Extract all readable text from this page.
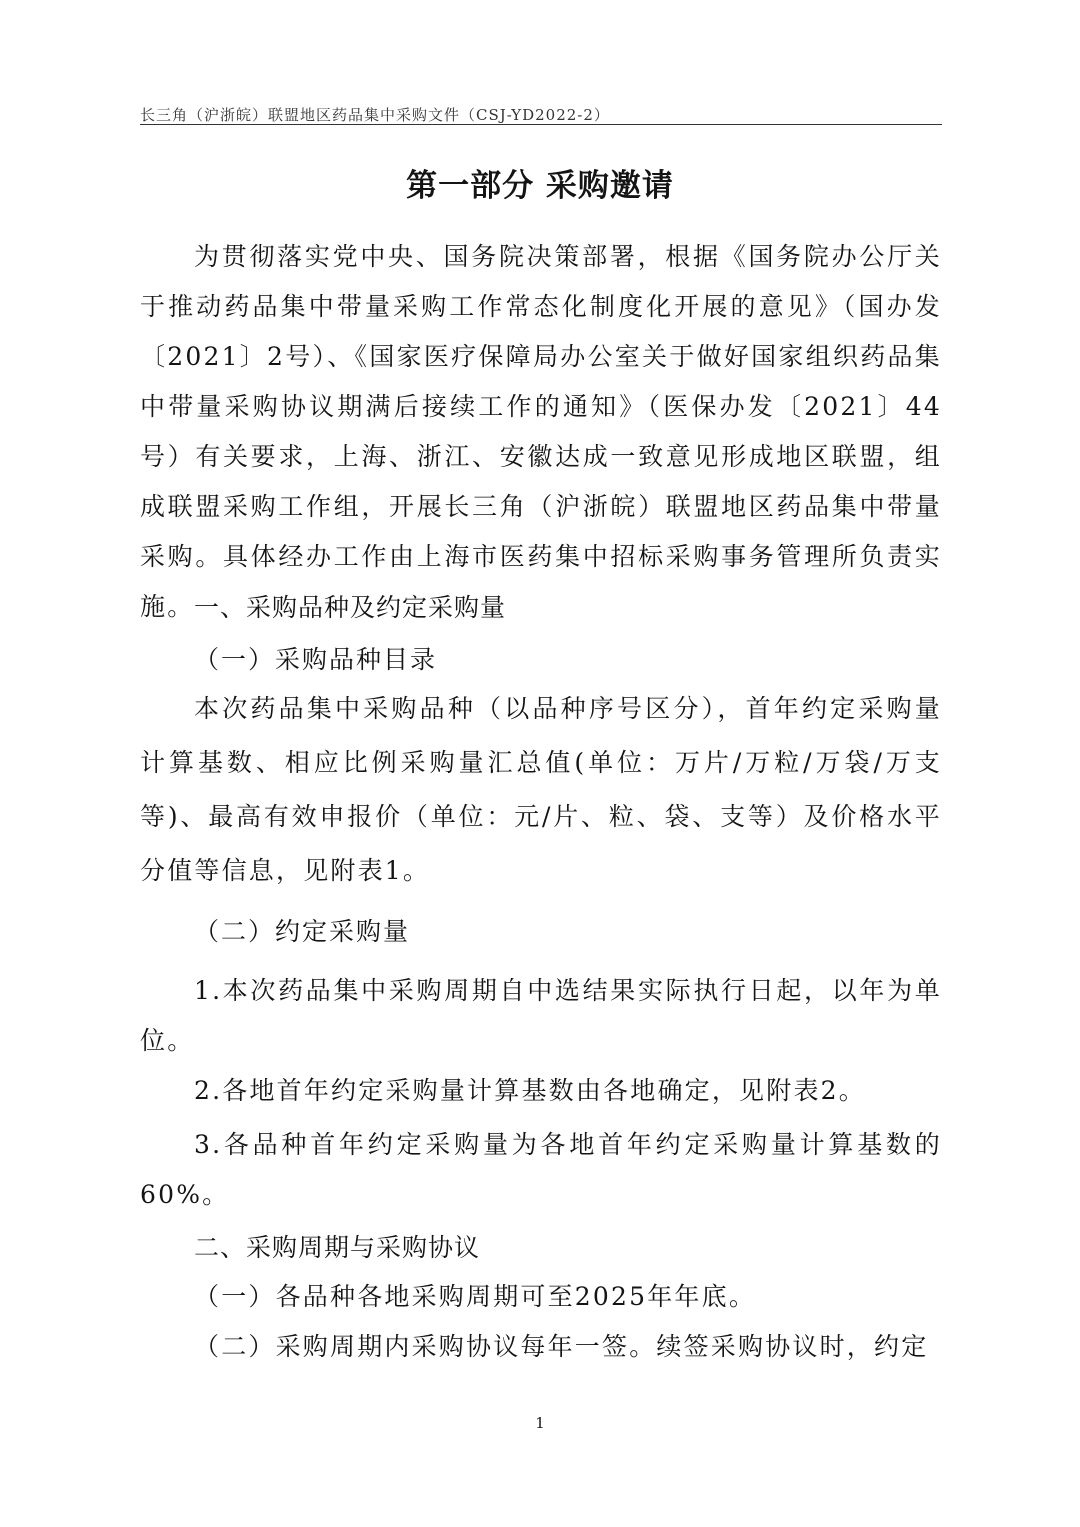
长三角（沪浙皖）联盟地区药品集中采购文件（CSJ-YD2022-2）
第一部分 采购邀请

为贯彻落实党中央、国务院决策部署，根据《国务院办公厅关于推动药品集中带量采购工作常态化制度化开展的意见》（国办发〔2021〕2号）、《国家医疗保障局办公室关于做好国家组织药品集中带量采购协议期满后接续工作的通知》（医保办发〔2021〕44号）有关要求，上海、浙江、安徽达成一致意见形成地区联盟，组成联盟采购工作组，开展长三角（沪浙皖）联盟地区药品集中带量采购。具体经办工作由上海市医药集中招标采购事务管理所负责实施。 一、采购品种及约定采购量
（一）采购品种目录

本次药品集中采购品种（以品种序号区分），首年约定采购量计算基数、相应比例采购量汇总值(单位：万片/万粒/万袋/万支等)、最高有效申报价（单位：元/片、粒、袋、支等）及价格水平分值等信息，见附表1。

（二）约定采购量

1.本次药品集中采购周期自中选结果实际执行日起，以年为单位。

2.各地首年约定采购量计算基数由各地确定，见附表2。

3.各品种首年约定采购量为各地首年约定采购量计算基数的60%。

二、采购周期与采购协议

（一）各品种各地采购周期可至2025年年底。

（二）采购周期内采购协议每年一签。续签采购协议时，约定

1
